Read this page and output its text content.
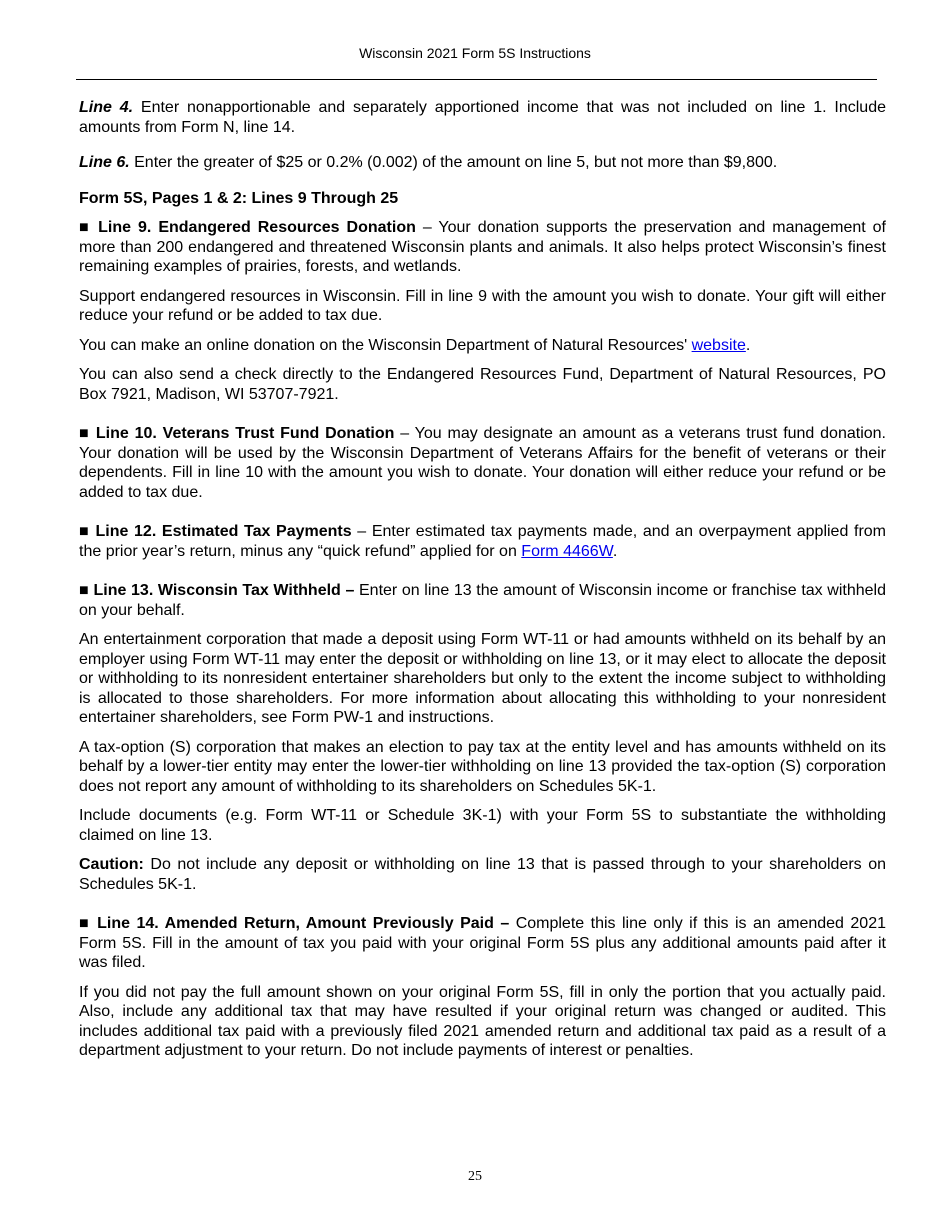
Wisconsin 2021 Form 5S Instructions

Line 4. Enter nonapportionable and separately apportioned income that was not included on line 1. Include amounts from Form N, line 14.

Line 6. Enter the greater of $25 or 0.2% (0.002) of the amount on line 5, but not more than $9,800.

Form 5S, Pages 1 & 2: Lines 9 Through 25

■ Line 9. Endangered Resources Donation – Your donation supports the preservation and management of more than 200 endangered and threatened Wisconsin plants and animals. It also helps protect Wisconsin’s finest remaining examples of prairies, forests, and wetlands.

Support endangered resources in Wisconsin. Fill in line 9 with the amount you wish to donate. Your gift will either reduce your refund or be added to tax due.

You can make an online donation on the Wisconsin Department of Natural Resources' website.

You can also send a check directly to the Endangered Resources Fund, Department of Natural Resources, PO Box 7921, Madison, WI 53707-7921.

■ Line 10. Veterans Trust Fund Donation – You may designate an amount as a veterans trust fund donation. Your donation will be used by the Wisconsin Department of Veterans Affairs for the benefit of veterans or their dependents. Fill in line 10 with the amount you wish to donate. Your donation will either reduce your refund or be added to tax due.

■ Line 12. Estimated Tax Payments – Enter estimated tax payments made, and an overpayment applied from the prior year’s return, minus any “quick refund” applied for on Form 4466W.

■ Line 13. Wisconsin Tax Withheld – Enter on line 13 the amount of Wisconsin income or franchise tax withheld on your behalf.

An entertainment corporation that made a deposit using Form WT-11 or had amounts withheld on its behalf by an employer using Form WT-11 may enter the deposit or withholding on line 13, or it may elect to allocate the deposit or withholding to its nonresident entertainer shareholders but only to the extent the income subject to withholding is allocated to those shareholders. For more information about allocating this withholding to your nonresident entertainer shareholders, see Form PW-1 and instructions.

A tax-option (S) corporation that makes an election to pay tax at the entity level and has amounts withheld on its behalf by a lower-tier entity may enter the lower-tier withholding on line 13 provided the tax-option (S) corporation does not report any amount of withholding to its shareholders on Schedules 5K-1.

Include documents (e.g. Form WT-11 or Schedule 3K-1) with your Form 5S to substantiate the withholding claimed on line 13.

Caution: Do not include any deposit or withholding on line 13 that is passed through to your shareholders on Schedules 5K-1.

■ Line 14. Amended Return, Amount Previously Paid – Complete this line only if this is an amended 2021 Form 5S. Fill in the amount of tax you paid with your original Form 5S plus any additional amounts paid after it was filed.

If you did not pay the full amount shown on your original Form 5S, fill in only the portion that you actually paid. Also, include any additional tax that may have resulted if your original return was changed or audited. This includes additional tax paid with a previously filed 2021 amended return and additional tax paid as a result of a department adjustment to your return. Do not include payments of interest or penalties.

25
